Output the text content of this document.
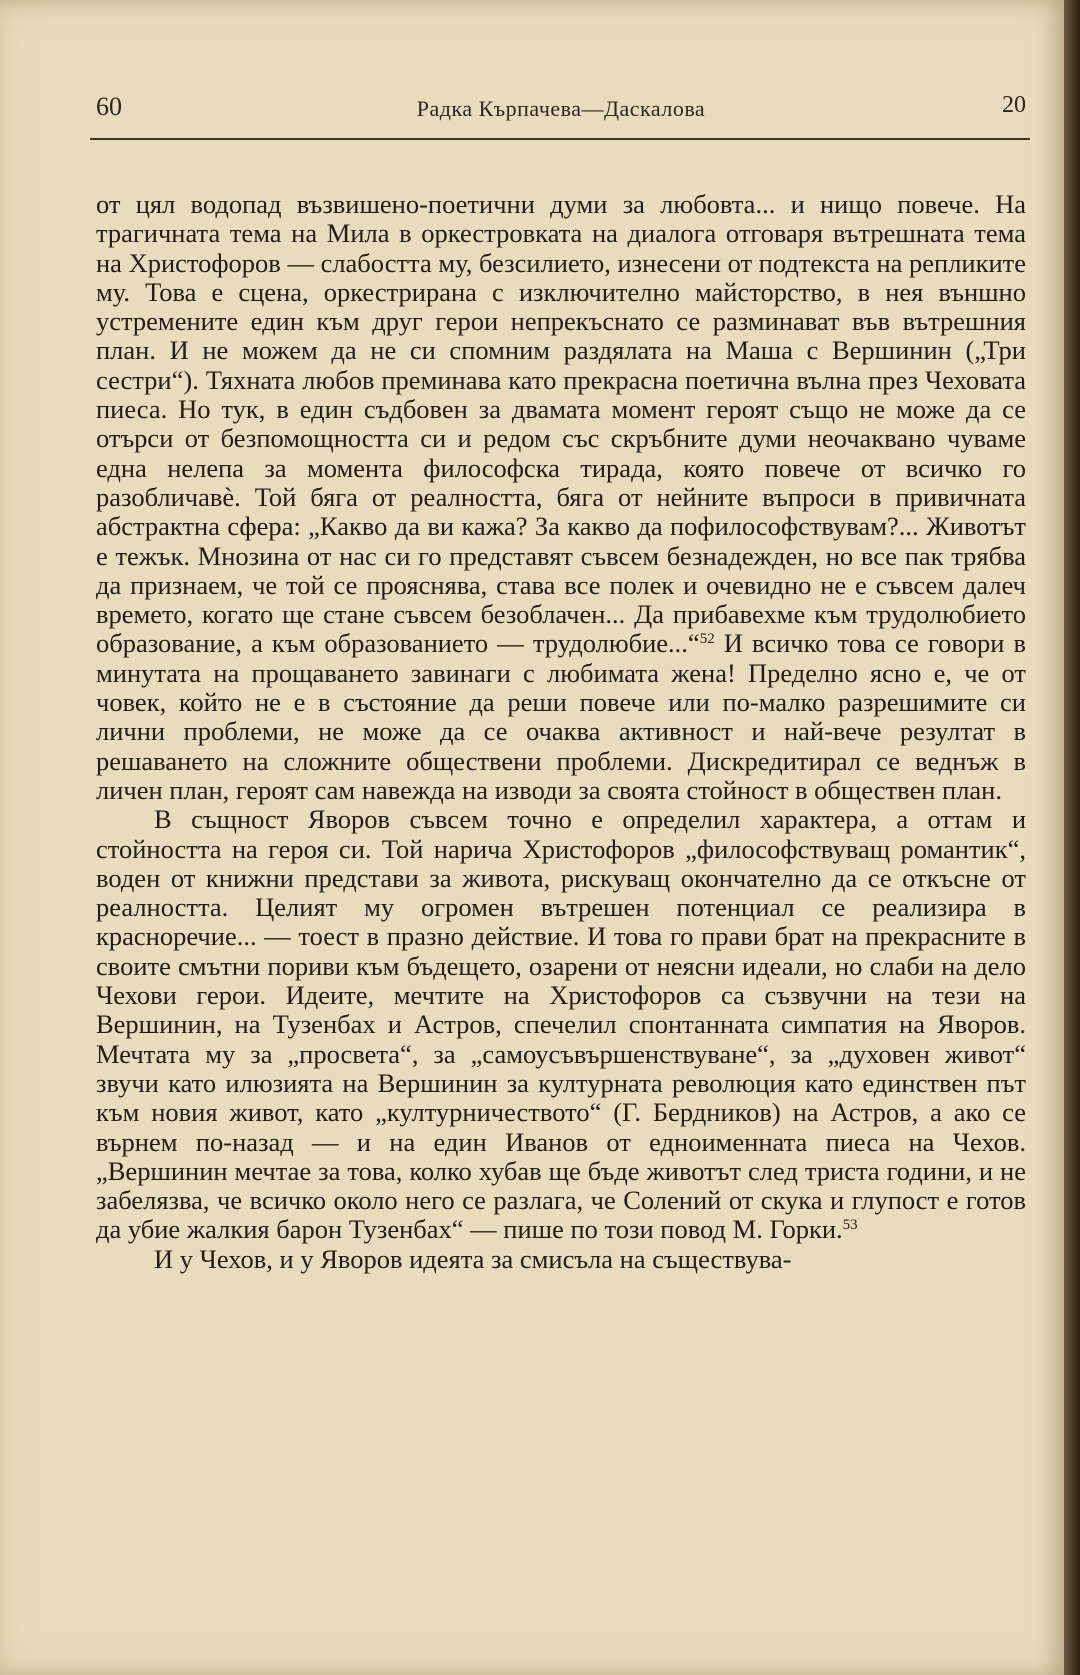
60	Радка Кърпачева—Даскалова	20

от цял водопад възвишено-поетични думи за любовта... и нищо повече. На трагичната тема на Мила в оркестровката на диалога отговаря вътрешната тема на Христофоров — слабостта му, безсилието, изнесени от подтекста на репликите му. Това е сцена, оркестрирана с изключително майсторство, в нея външно устремените един към друг герои непрекъснато се разминават във вътрешния план. И не можем да не си спомним раздялата на Маша с Вершинин („Три сестри“). Тяхната любов преминава като прекрасна поетична вълна през Чеховата пиеса. Но тук, в един съдбовен за двамата момент героят също не може да се отърси от безпомощността си и редом със скръбните думи неочаквано чуваме една нелепа за момента философска тирада, която повече от всичко го разобличавѐ. Той бяга от реалността, бяга от нейните въпроси в привичната абстрактна сфера: „Какво да ви кажа? За какво да пофилософствувам?... Животът е тежък. Мнозина от нас си го представят съвсем безнадежден, но все пак трябва да признаем, че той се прояснява, става все полек и очевидно не е съвсем далеч времето, когато ще стане съвсем безоблачен... Да прибавехме към трудолюбието образование, а към образованието — трудолюбие...“$^{52}$ И всичко това се говори в минутата на прощаването завинаги с любимата жена! Пределно ясно е, че от човек, който не е в състояние да реши повече или по-малко разрешимите си лични проблеми, не може да се очаква активност и най-вече резултат в решаването на сложните обществени проблеми. Дискредитирал се веднъж в личен план, героят сам навежда на изводи за своята стойност в обществен план.

В същност Яворов съвсем точно е определил характера, а оттам и стойността на героя си. Той нарича Христофоров „философствуващ романтик“, воден от книжни представи за живота, рискуващ окончателно да се откъсне от реалността. Целият му огромен вътрешен потенциал се реализира в красноречие... — тоест в празно действие. И това го прави брат на прекрасните в своите смътни пориви към бъдещето, озарени от неясни идеали, но слаби на дело Чехови герои. Идеите, мечтите на Христофоров са съзвучни на тези на Вершинин, на Тузенбах и Астров, спечелил спонтанната симпатия на Яворов. Мечтата му за „просвета“, за „самоусъвършенствуване“, за „духовен живот“ звучи като илюзията на Вершинин за културната революция като единствен път към новия живот, като „културничеството“ (Г. Бердников) на Астров, а ако се върнем по-назад — и на един Иванов от едноименната пиеса на Чехов. „Вершинин мечтае за това, колко хубав ще бъде животът след триста години, и не забелязва, че всичко около него се разлага, че Солений от скука и глупост е готов да убие жалкия барон Тузенбах“ — пише по този повод М. Горки.$^{53}$

И у Чехов, и у Яворов идеята за смисъла на съществува-
